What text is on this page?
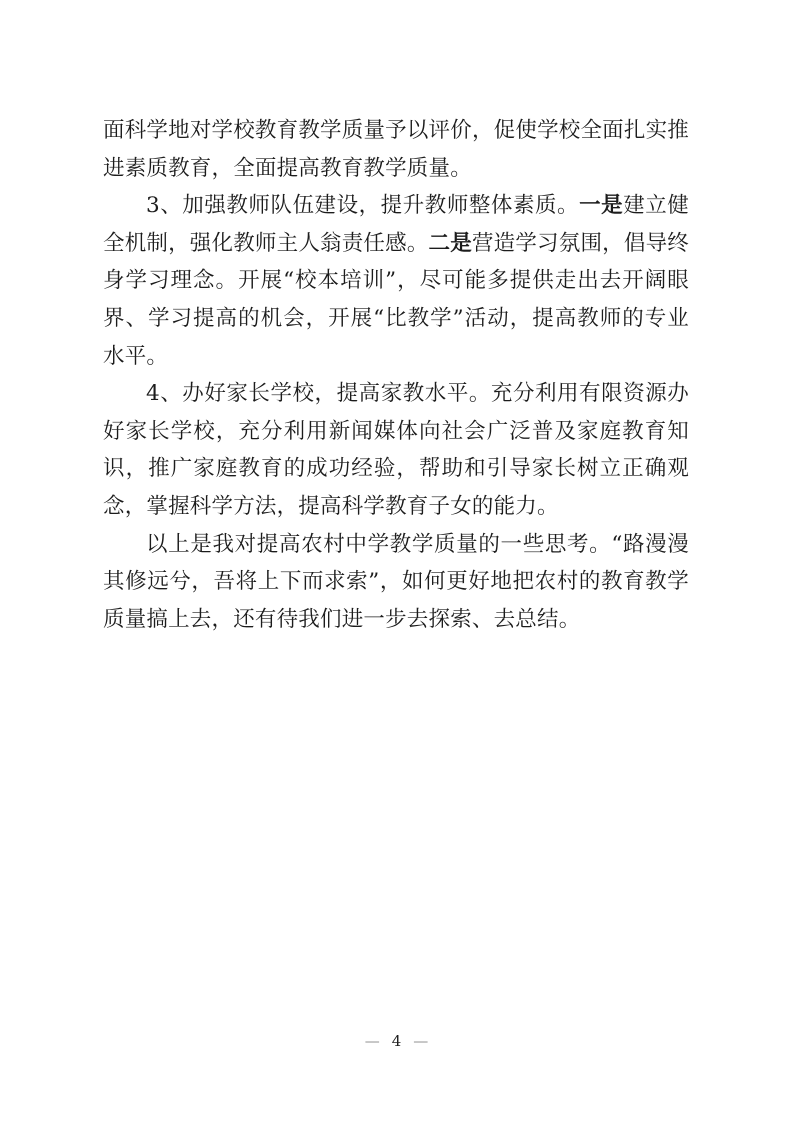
面科学地对学校教育教学质量予以评价，促使学校全面扎实推进素质教育，全面提高教育教学质量。

3、加强教师队伍建设，提升教师整体素质。一是建立健全机制，强化教师主人翁责任感。二是营造学习氛围，倡导终身学习理念。开展“校本培训”，尽可能多提供走出去开阔眼界、学习提高的机会，开展“比教学”活动，提高教师的专业水平。

4、办好家长学校，提高家教水平。充分利用有限资源办好家长学校，充分利用新闻媒体向社会广泛普及家庭教育知识，推广家庭教育的成功经验，帮助和引导家长树立正确观念，掌握科学方法，提高科学教育子女的能力。

以上是我对提高农村中学教学质量的一些思考。“路漫漫其修远兮，吾将上下而求索”，如何更好地把农村的教育教学质量搞上去，还有待我们进一步去探索、去总结。

— 4 —
